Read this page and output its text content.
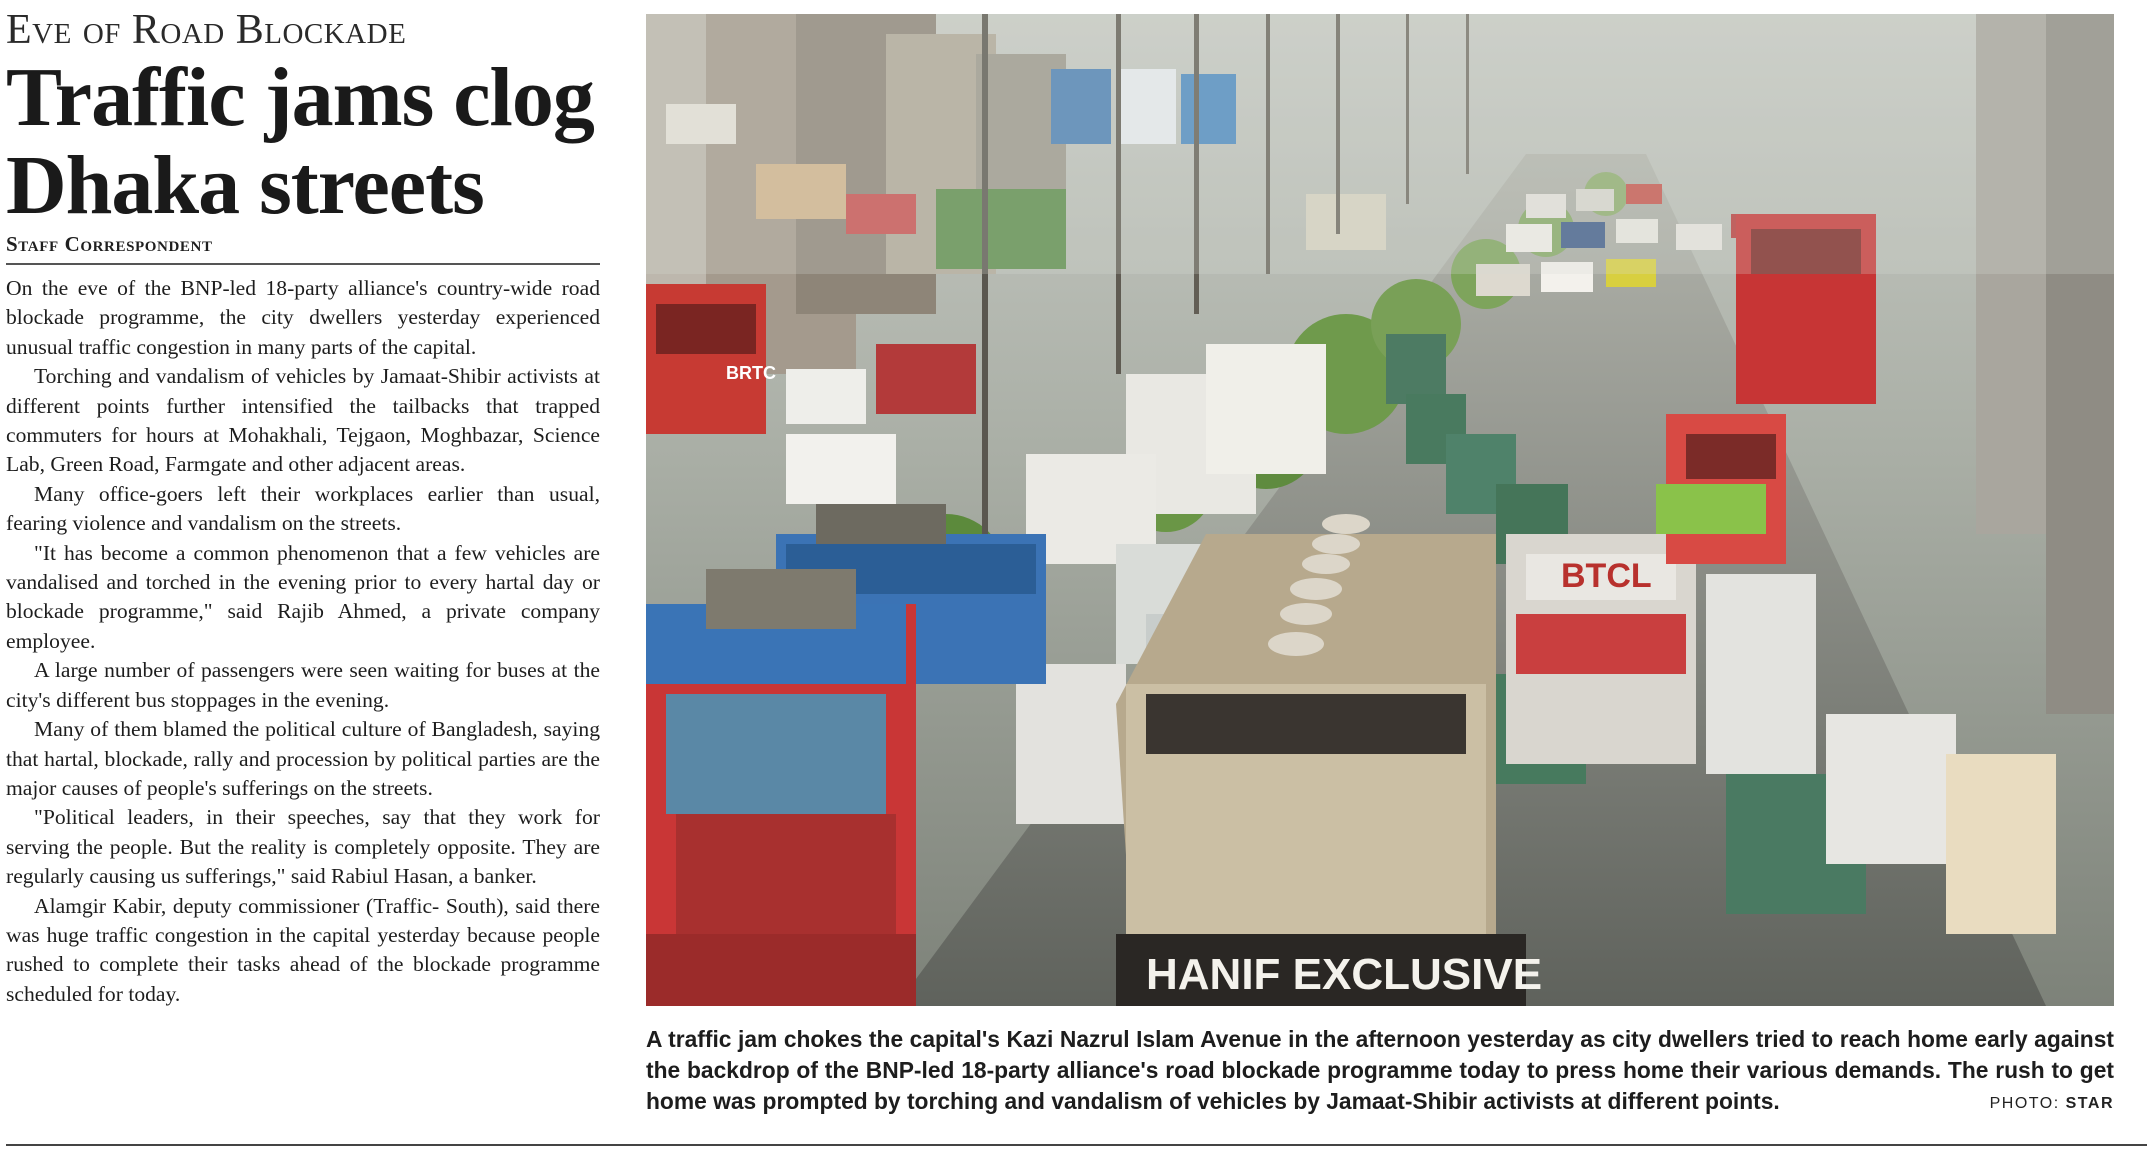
Eve of Road Blockade
Traffic jams clog Dhaka streets
Staff Correspondent

On the eve of the BNP-led 18-party alliance's country-wide road blockade programme, the city dwellers yesterday experienced unusual traffic congestion in many parts of the capital.

Torching and vandalism of vehicles by Jamaat-Shibir activists at different points further intensified the tailbacks that trapped commuters for hours at Mohakhali, Tejgaon, Moghbazar, Science Lab, Green Road, Farmgate and other adjacent areas.

Many office-goers left their workplaces earlier than usual, fearing violence and vandalism on the streets.

"It has become a common phenomenon that a few vehicles are vandalised and torched in the evening prior to every hartal day or blockade programme," said Rajib Ahmed, a private company employee.

A large number of passengers were seen waiting for buses at the city's different bus stoppages in the evening.

Many of them blamed the political culture of Bangladesh, saying that hartal, blockade, rally and procession by political parties are the major causes of people's sufferings on the streets.

"Political leaders, in their speeches, say that they work for serving the people. But the reality is completely opposite. They are regularly causing us sufferings," said Rabiul Hasan, a banker.

Alamgir Kabir, deputy commissioner (Traffic- South), said there was huge traffic congestion in the capital yesterday because people rushed to complete their tasks ahead of the blockade programme scheduled for today.

BRTC
HANIF EXCLUSIVE
BTCL
A traffic jam chokes the capital's Kazi Nazrul Islam Avenue in the afternoon yesterday as city dwellers tried to reach home early against the backdrop of the BNP-led 18-party alliance's road blockade programme today to press home their various demands. The rush to get home was prompted by torching and vandalism of vehicles by Jamaat-Shibir activists at different points.	PHOTO: STAR
